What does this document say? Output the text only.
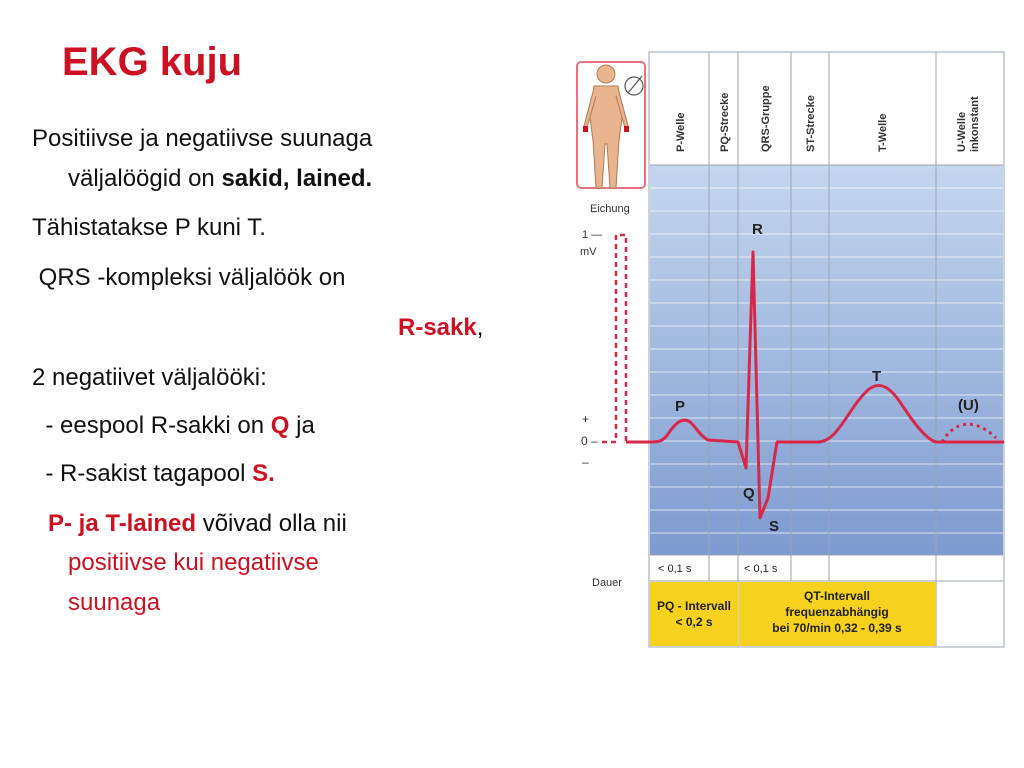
EKG kuju
Positiivse ja negatiivse suunaga
väljalöögid on sakid, lained.
Tähistatakse P kuni T.
QRS -kompleksi väljalöök on
R-sakk,
2 negatiivet väljalööki:
- eespool R-sakki on Q ja
- R-sakist tagapool S.
P- ja T-lained võivad olla nii
positiivse kui negatiivse
suunaga
Eichung
1 —
mV
+
0 –
–
P-Welle	PQ-Strecke	QRS-Gruppe	ST-Strecke	T-Welle	U-Welle inkonstant
P
R
Q
S
T
(U)
Dauer
< 0,1 s	< 0,1 s
PQ - Intervall
< 0,2 s
QT-Intervall
frequenzabhängig
bei 70/min 0,32 - 0,39 s
